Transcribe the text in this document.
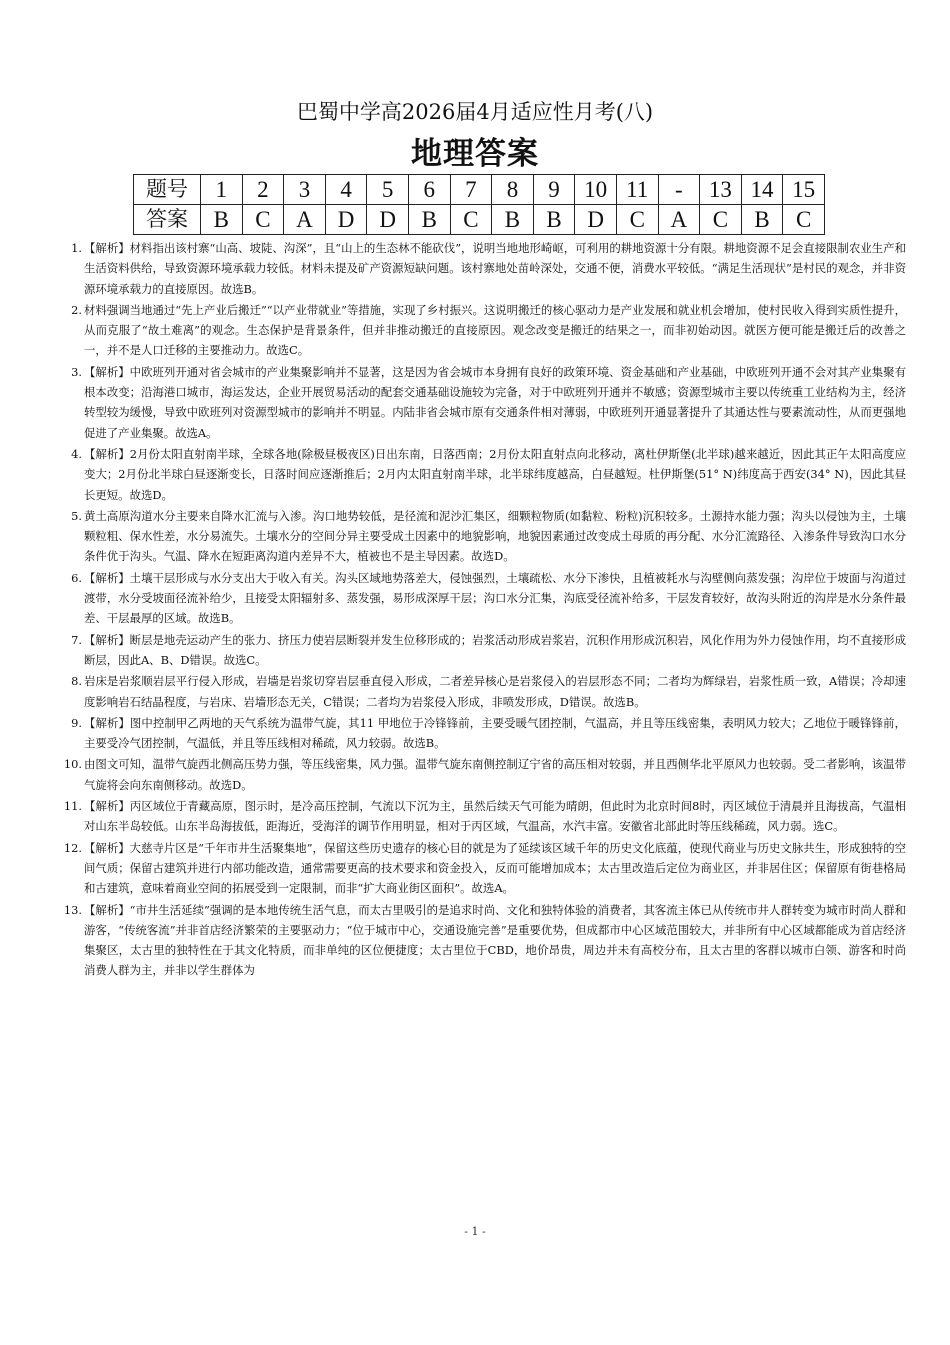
巴蜀中学高2026届4月适应性月考(八)
地理答案
题号	1	2	3	4	5	6	7	8	9	10	11	-	13	14	15
答案	B	C	A	D	D	B	C	B	B	D	C	A	C	B	C
1. 【解析】材料指出该村寨“山高、坡陡、沟深”，且“山上的生态林不能砍伐”，说明当地地形崎岖，可利用的耕地资源十分有限。耕地资源不足会直接限制农业生产和生活资料供给，导致资源环境承载力较低。材料未提及矿产资源短缺问题。该村寨地处苗岭深处，交通不便，消费水平较低。“满足生活现状”是村民的观念，并非资源环境承载力的直接原因。故选B。
2. 材料强调当地通过“先上产业后搬迁”“以产业带就业”等措施，实现了乡村振兴。这说明搬迁的核心驱动力是产业发展和就业机会增加，使村民收入得到实质性提升，从而克服了“故土难离”的观念。生态保护是背景条件，但并非推动搬迁的直接原因。观念改变是搬迁的结果之一，而非初始动因。就医方便可能是搬迁后的改善之一，并不是人口迁移的主要推动力。故选C。
3. 【解析】中欧班列开通对省会城市的产业集聚影响并不显著，这是因为省会城市本身拥有良好的政策环境、资金基础和产业基础，中欧班列开通不会对其产业集聚有根本改变；沿海港口城市，海运发达，企业开展贸易活动的配套交通基础设施较为完备，对于中欧班列开通并不敏感；资源型城市主要以传统重工业结构为主，经济转型较为缓慢，导致中欧班列对资源型城市的影响并不明显。内陆非省会城市原有交通条件相对薄弱，中欧班列开通显著提升了其通达性与要素流动性，从而更强地促进了产业集聚。故选A。
4. 【解析】2月份太阳直射南半球，全球各地(除极昼极夜区)日出东南，日落西南；2月份太阳直射点向北移动，离杜伊斯堡(北半球)越来越近，因此其正午太阳高度应变大；2月份北半球白昼逐渐变长，日落时间应逐渐推后；2月内太阳直射南半球，北半球纬度越高，白昼越短。杜伊斯堡(51° N)纬度高于西安(34° N)，因此其昼长更短。故选D。
5. 黄土高原沟道水分主要来自降水汇流与入渗。沟口地势较低，是径流和泥沙汇集区，细颗粒物质(如黏粒、粉粒)沉积较多。土源持水能力强；沟头以侵蚀为主，土壤颗粒粗、保水性差，水分易流失。土壤水分的空间分异主要受成土因素中的地貌影响，地貌因素通过改变成土母质的再分配、水分汇流路径、入渗条件导致沟口水分条件优于沟头。气温、降水在短距离沟道内差异不大，植被也不是主导因素。故选D。
6. 【解析】土壤干层形成与水分支出大于收入有关。沟头区域地势落差大，侵蚀强烈，土壤疏松、水分下渗快，且植被耗水与沟壁侧向蒸发强；沟岸位于坡面与沟道过渡带，水分受坡面径流补给少，且接受太阳辐射多、蒸发强，易形成深厚干层；沟口水分汇集，沟底受径流补给多，干层发育较好，故沟头附近的沟岸是水分条件最差、干层最厚的区域。故选B。
7. 【解析】断层是地壳运动产生的张力、挤压力使岩层断裂并发生位移形成的；岩浆活动形成岩浆岩，沉积作用形成沉积岩，风化作用为外力侵蚀作用，均不直接形成断层，因此A、B、D错误。故选C。
8. 岩床是岩浆顺岩层平行侵入形成，岩墙是岩浆切穿岩层垂直侵入形成，二者差异核心是岩浆侵入的岩层形态不同；二者均为辉绿岩，岩浆性质一致，A错误；冷却速度影响岩石结晶程度，与岩床、岩墙形态无关，C错误；二者均为岩浆侵入形成，非喷发形成，D错误。故选B。
9. 【解析】图中控制甲乙两地的天气系统为温带气旋，其11 甲地位于冷锋锋前，主要受暖气团控制，气温高，并且等压线密集，表明风力较大；乙地位于暖锋锋前，主要受冷气团控制，气温低，并且等压线相对稀疏，风力较弱。故选B。
10. 由图文可知，温带气旋西北侧高压势力强，等压线密集，风力强。温带气旋东南侧控制辽宁省的高压相对较弱，并且西侧华北平原风力也较弱。受二者影响，该温带气旋将会向东南侧移动。故选D。
11. 【解析】丙区域位于青藏高原，图示时，是冷高压控制，气流以下沉为主，虽然后续天气可能为晴朗，但此时为北京时间8时，丙区域位于清晨并且海拔高，气温相对山东半岛较低。山东半岛海拔低，距海近，受海洋的调节作用明显，相对于丙区域，气温高，水汽丰富。安徽省北部此时等压线稀疏，风力弱。选C。
12. 【解析】大慈寺片区是“千年市井生活聚集地”，保留这些历史遗存的核心目的就是为了延续该区域千年的历史文化底蕴，使现代商业与历史文脉共生，形成独特的空间气质；保留古建筑并进行内部功能改造，通常需要更高的技术要求和资金投入，反而可能增加成本；太古里改造后定位为商业区，并非居住区；保留原有街巷格局和古建筑，意味着商业空间的拓展受到一定限制，而非“扩大商业街区面积”。故选A。
13. 【解析】“市井生活延续”强调的是本地传统生活气息，而太古里吸引的是追求时尚、文化和独特体验的消费者，其客流主体已从传统市井人群转变为城市时尚人群和游客，“传统客流”并非首店经济繁荣的主要驱动力；“位于城市中心，交通设施完善”是重要优势，但成都市中心区域范围较大，并非所有中心区域都能成为首店经济集聚区，太古里的独特性在于其文化特质，而非单纯的区位便捷度；太古里位于CBD，地价昂贵，周边并未有高校分布，且太古里的客群以城市白领、游客和时尚消费人群为主，并非以学生群体为
- 1 -
